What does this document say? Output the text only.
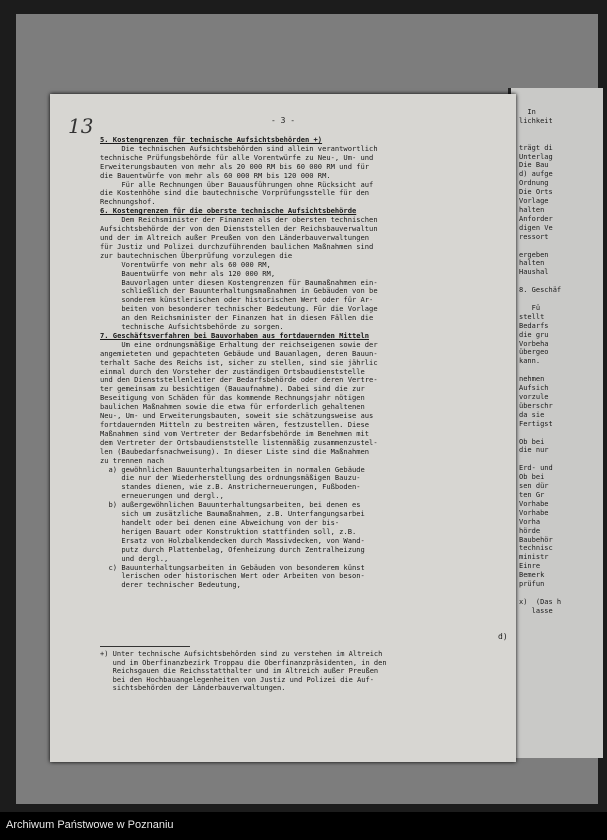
In
lichkeit

trägt di
Unterlag
Die Bau
d) aufge
Ordnung
Die Orts
Vorlage
halten
Anforder
digen Ve
ressort

ergeben
halten
Haushal

8. Geschäf

Fü
stellt
Bedarfs
die gru
Vorbeha
übergeo
kann.

nehmen
Aufsich
vorzule
überschr
da sie
Fertigst

Ob bei
die nur

Erd- und
Ob bei
sen dür
ten Gr
Vorhabe
Vorhabe
Vorha
hörde
Baubehör
technisc
ministr
Einre
Bemerk
prüfun

x)  (Das h
lasse
13	- 3 -
5. Kostengrenzen für technische Aufsichtsbehörden +)
Die technischen Aufsichtsbehörden sind allein verantwortlich
technische Prüfungsbehörde für alle Vorentwürfe zu Neu-, Um- und
Erweiterungsbauten von mehr als 20 000 RM bis 60 000 RM und für
die Bauentwürfe von mehr als 60 000 RM bis 120 000 RM.
Für alle Rechnungen über Bauausführungen ohne Rücksicht auf
die Kostenhöhe sind die bautechnische Vorprüfungsstelle für den
Rechnungshof.
6. Kostengrenzen für die oberste technische Aufsichtsbehörde
Dem Reichsminister der Finanzen als der obersten technischen
Aufsichtsbehörde der von den Dienststellen der Reichsbauverwaltun
und der im Altreich außer Preußen von den Länderbauverwaltungen
für Justiz und Polizei durchzuführenden baulichen Maßnahmen sind
zur bautechnischen Überprüfung vorzulegen die
Vorentwürfe von mehr als 60 000 RM,
Bauentwürfe von mehr als 120 000 RM,
Bauvorlagen unter diesen Kostengrenzen für Baumaßnahmen ein-
schließlich der Bauunterhaltungsmaßnahmen in Gebäuden von be
sonderem künstlerischen oder historischen Wert oder für Ar-
beiten von besonderer technischer Bedeutung. Für die Vorlage
an den Reichsminister der Finanzen hat in diesen Fällen die
technische Aufsichtsbehörde zu sorgen.
7. Geschäftsverfahren bei Bauvorhaben aus fortdauernden Mitteln
Um eine ordnungsmäßige Erhaltung der reichseigenen sowie der
angemieteten und gepachteten Gebäude und Bauanlagen, deren Bauun-
terhalt Sache des Reichs ist, sicher zu stellen, sind sie jährlic
einmal durch den Vorsteher der zuständigen Ortsbaudienststelle
und den Dienststellenleiter der Bedarfsbehörde oder deren Vertre-
ter gemeinsam zu besichtigen (Bauaufnahme). Dabei sind die zur
Beseitigung von Schäden für das kommende Rechnungsjahr nötigen
baulichen Maßnahmen sowie die etwa für erforderlich gehaltenen
Neu-, Um- und Erweiterungsbauten, soweit sie schätzungsweise aus
fortdauernden Mitteln zu bestreiten wären, festzustellen. Diese
Maßnahmen sind vom Vertreter der Bedarfsbehörde im Benehmen mit
dem Vertreter der Ortsbaudienststelle listenmäßig zusammenzustel-
len (Baubedarfsnachweisung). In dieser Liste sind die Maßnahmen
zu trennen nach
a) gewöhnlichen Bauunterhaltungsarbeiten in normalen Gebäude
die nur der Wiederherstellung des ordnungsmäßigen Bauzu-
standes dienen, wie z.B. Anstricherneuerungen, Fußboden-
erneuerungen und dergl.,
b) außergewöhnlichen Bauunterhaltungsarbeiten, bei denen es
sich um zusätzliche Baumaßnahmen, z.B. Unterfangungsarbei
handelt oder bei denen eine Abweichung von der bis-
herigen Bauart oder Konstruktion stattfinden soll, z.B.
Ersatz von Holzbalkendecken durch Massivdecken, von Wand-
putz durch Plattenbelag, Ofenheizung durch Zentralheizung
und dergl.,
c) Bauunterhaltungsarbeiten in Gebäuden von besonderem künst
lerischen oder historischen Wert oder Arbeiten von beson-
derer technischer Bedeutung,
d)
+) Unter technische Aufsichtsbehörden sind zu verstehen im Altreich
und im Oberfinanzbezirk Troppau die Oberfinanzpräsidenten, in den
Reichsgauen die Reichsstatthalter und im Altreich außer Preußen
bei den Hochbauangelegenheiten von Justiz und Polizei die Auf-
sichtsbehörden der Länderbauverwaltungen.
Archiwum Państwowe w Poznaniu
